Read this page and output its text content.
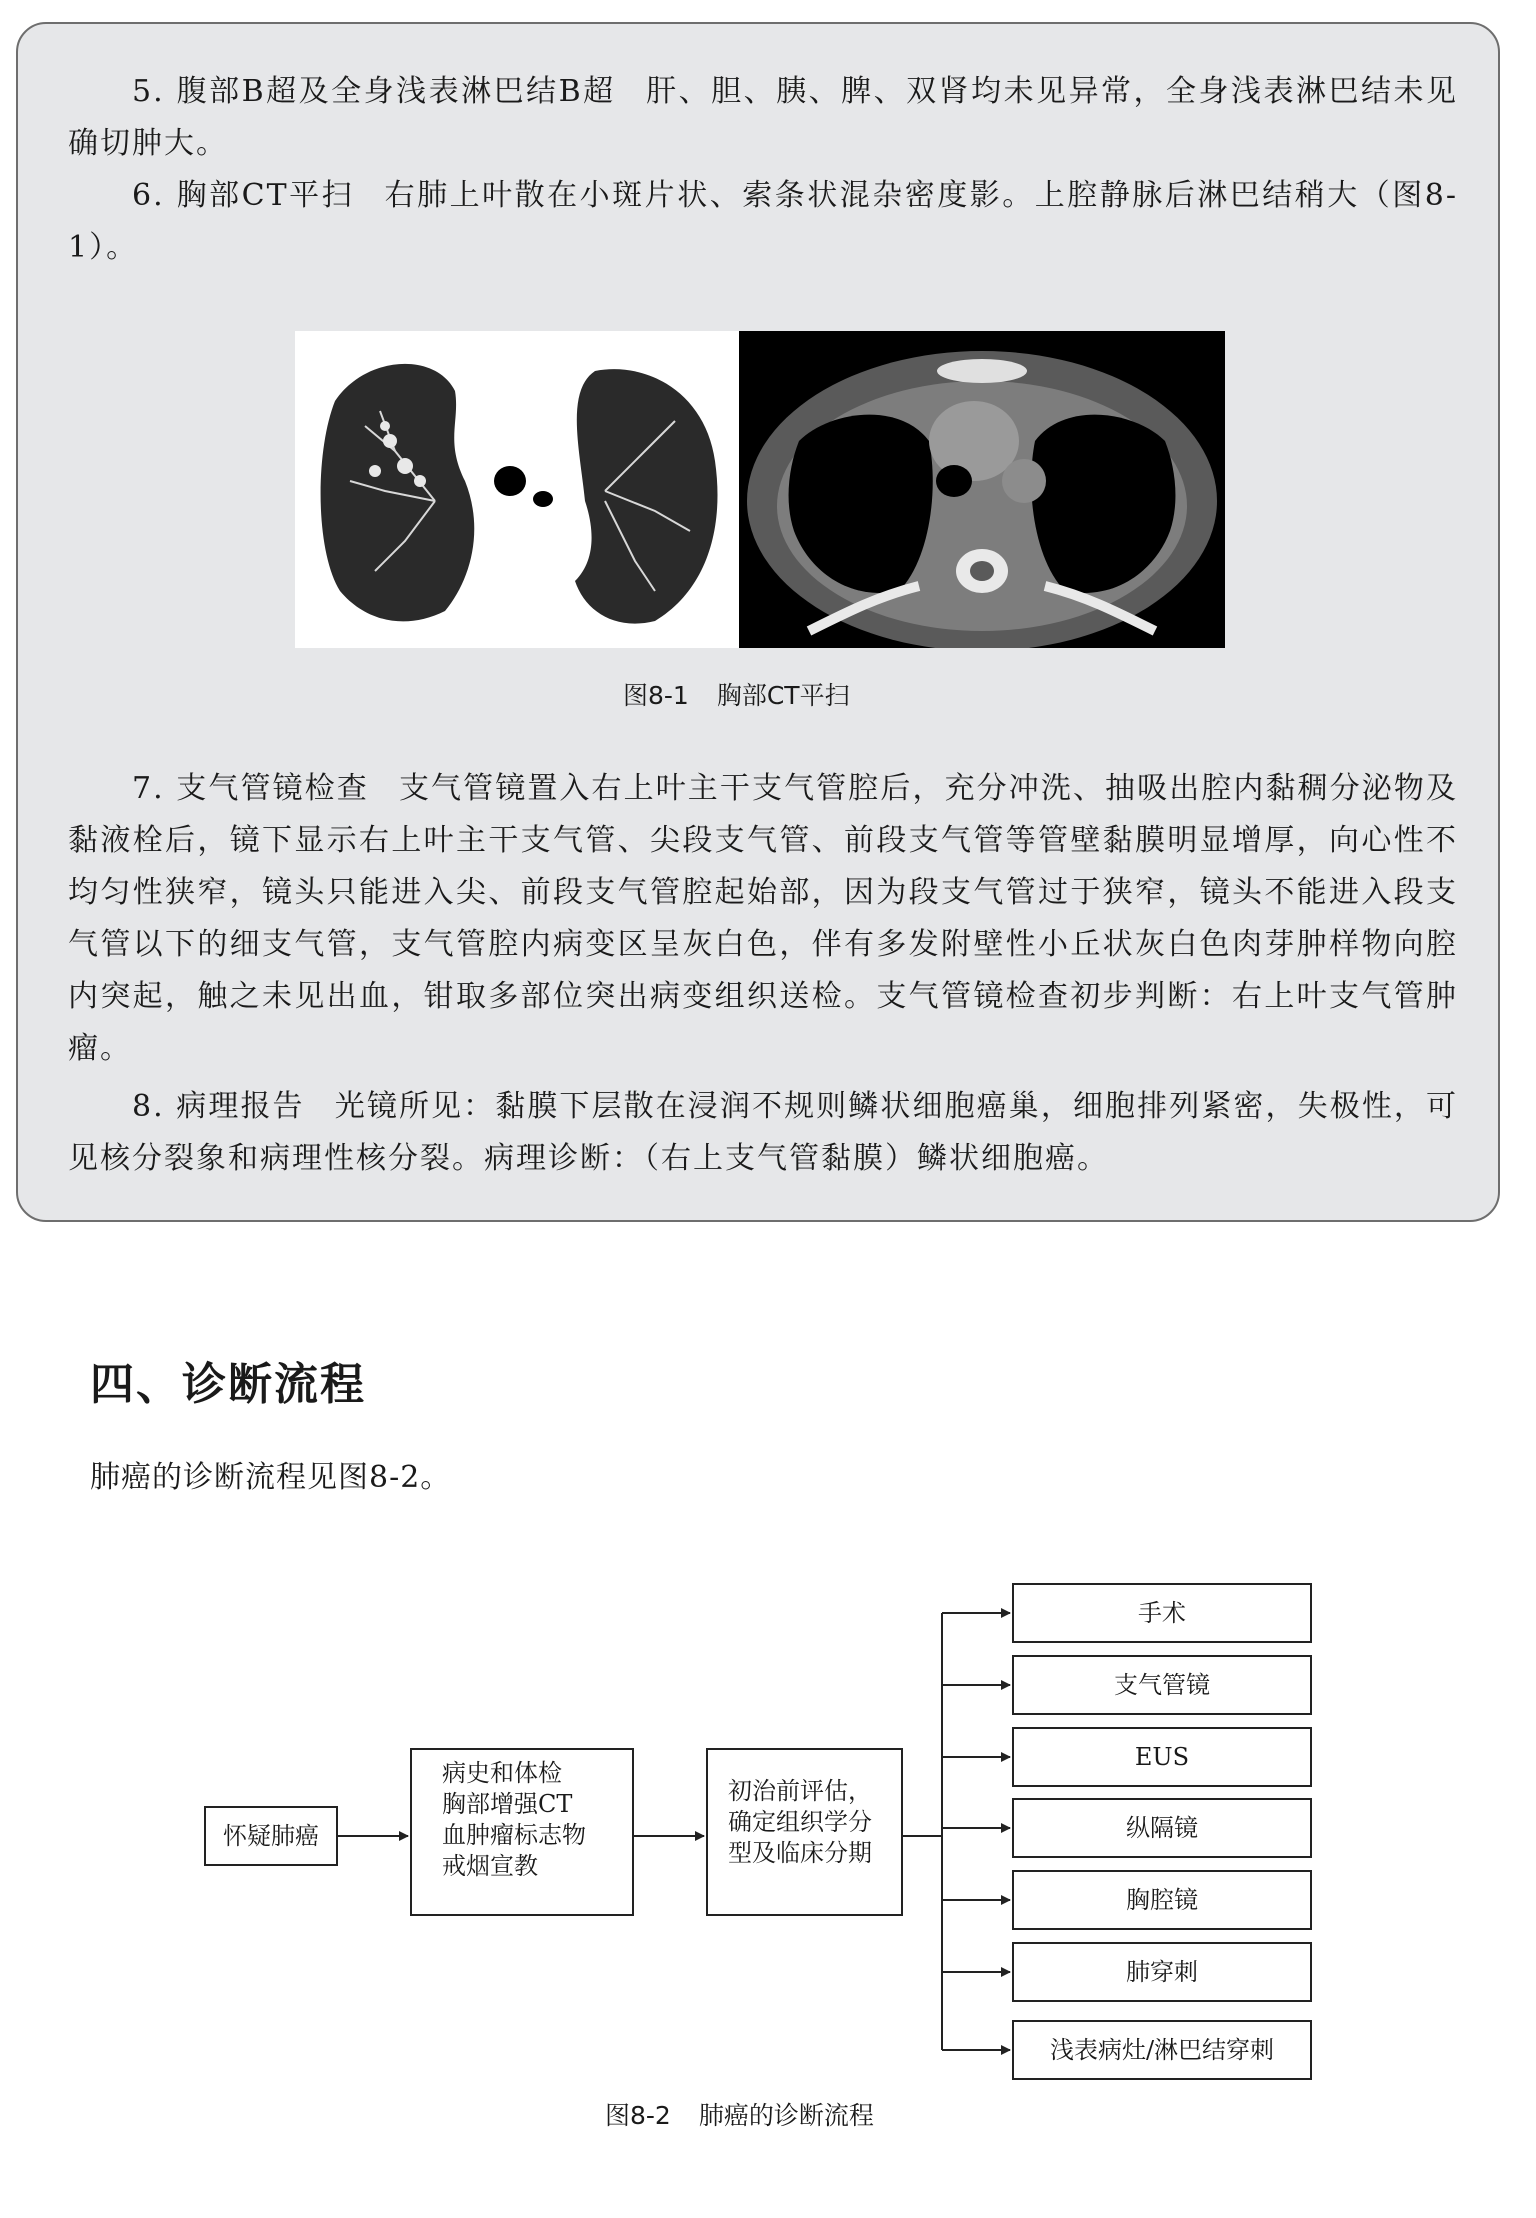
5. 腹部B超及全身浅表淋巴结B超 肝、胆、胰、脾、双肾均未见异常，全身浅表淋巴结未见确切肿大。

6. 胸部CT平扫 右肺上叶散在小斑片状、索条状混杂密度影。上腔静脉后淋巴结稍大（图8-1）。

图8-1 胸部CT平扫

7. 支气管镜检查 支气管镜置入右上叶主干支气管腔后，充分冲洗、抽吸出腔内黏稠分泌物及黏液栓后，镜下显示右上叶主干支气管、尖段支气管、前段支气管等管壁黏膜明显增厚，向心性不均匀性狭窄，镜头只能进入尖、前段支气管腔起始部，因为段支气管过于狭窄，镜头不能进入段支气管以下的细支气管，支气管腔内病变区呈灰白色，伴有多发附壁性小丘状灰白色肉芽肿样物向腔内突起，触之未见出血，钳取多部位突出病变组织送检。支气管镜检查初步判断：右上叶支气管肿瘤。

8. 病理报告 光镜所见：黏膜下层散在浸润不规则鳞状细胞癌巢，细胞排列紧密，失极性，可见核分裂象和病理性核分裂。病理诊断：（右上支气管黏膜）鳞状细胞癌。

四、诊断流程

肺癌的诊断流程见图8-2。

怀疑肺癌
病史和体检
胸部增强CT
血肿瘤标志物
戒烟宣教
初治前评估，
确定组织学分
型及临床分期
手术
支气管镜
EUS
纵隔镜
胸腔镜
肺穿刺
浅表病灶/淋巴结穿刺
图8-2 肺癌的诊断流程
